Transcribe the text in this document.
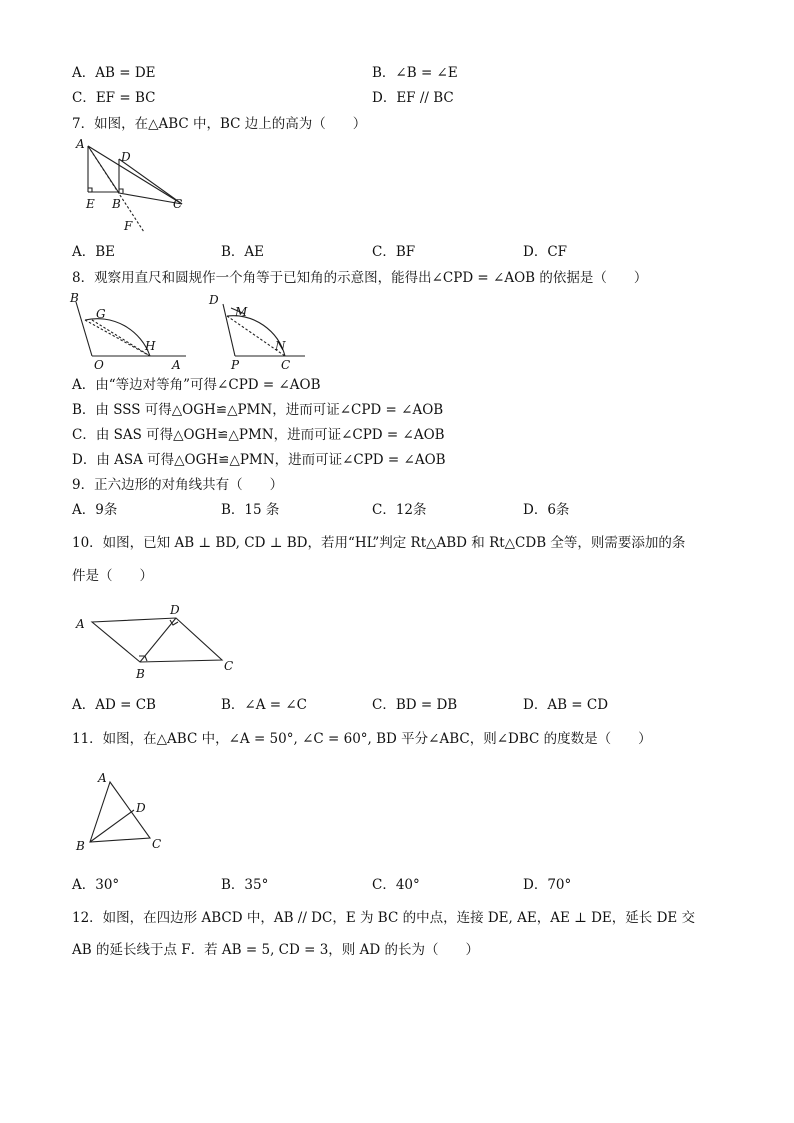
A．AB = DE	B．∠B = ∠E
C．EF = BC	D．EF // BC
7．如图，在△ABC 中，BC 边上的高为（　　）
A
D
E B	C
F
A．BE	B．AE	C．BF	D．CF
8．观察用直尺和圆规作一个角等于已知角的示意图，能得出∠CPD = ∠AOB 的依据是（　　）
B
G
H
O	A
D
M
N
P	C
A．由“等边对等角”可得∠CPD = ∠AOB
B．由 SSS 可得△OGH≌△PMN，进而可证∠CPD = ∠AOB
C．由 SAS 可得△OGH≌△PMN，进而可证∠CPD = ∠AOB
D．由 ASA 可得△OGH≌△PMN，进而可证∠CPD = ∠AOB
9．正六边形的对角线共有（　　）
A．9条	B．15 条	C．12条	D．6条
10．如图，已知 AB ⊥ BD, CD ⊥ BD，若用“HL”判定 Rt△ABD 和 Rt△CDB 全等，则需要添加的条
件是（　　）
A
D
B
C
A．AD = CB	B．∠A = ∠C	C．BD = DB	D．AB = CD
11．如图，在△ABC 中，∠A = 50°, ∠C = 60°, BD 平分∠ABC，则∠DBC 的度数是（　　）
A
D
B	C
A．30°	B．35°	C．40°	D．70°
12．如图，在四边形 ABCD 中，AB // DC，E 为 BC 的中点，连接 DE, AE，AE ⊥ DE，延长 DE 交
AB 的延长线于点 F．若 AB = 5, CD = 3，则 AD 的长为（　　）
